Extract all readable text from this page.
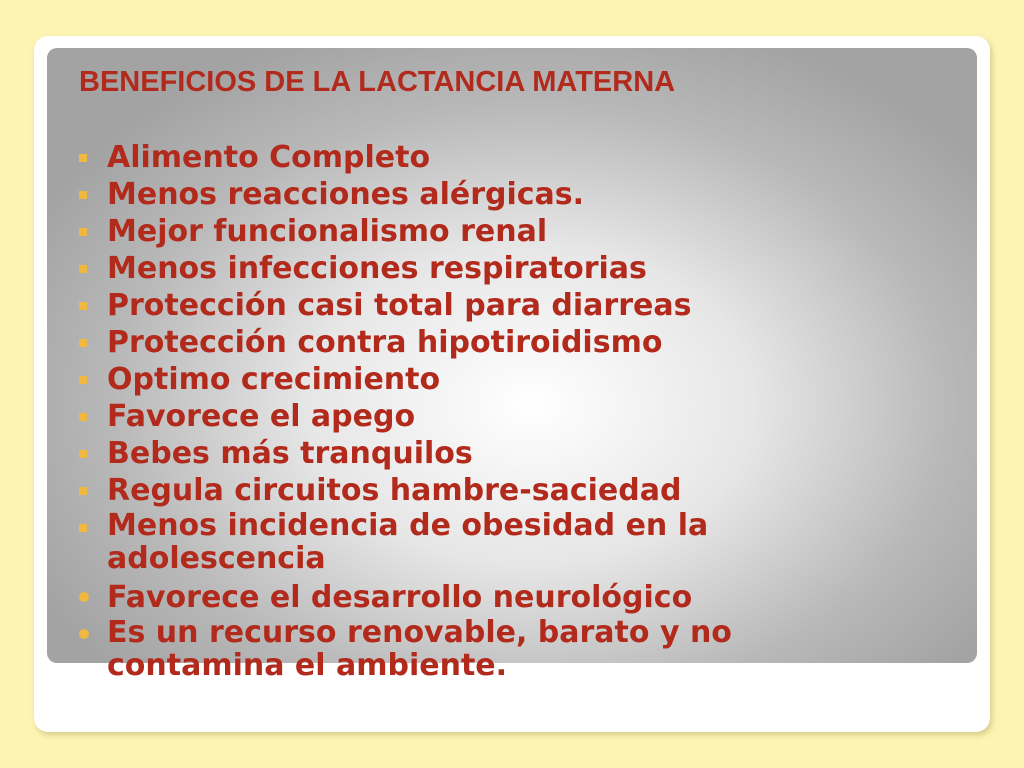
BENEFICIOS DE LA LACTANCIA MATERNA
Alimento Completo
Menos reacciones alérgicas.
Mejor funcionalismo renal
Menos infecciones respiratorias
Protección casi total para diarreas
Protección contra hipotiroidismo
Optimo crecimiento
Favorece el apego
Bebes más tranquilos
Regula circuitos hambre-saciedad
Menos incidencia de obesidad en la
adolescencia
Favorece el desarrollo neurológico
Es un recurso renovable, barato y no
contamina el ambiente.
